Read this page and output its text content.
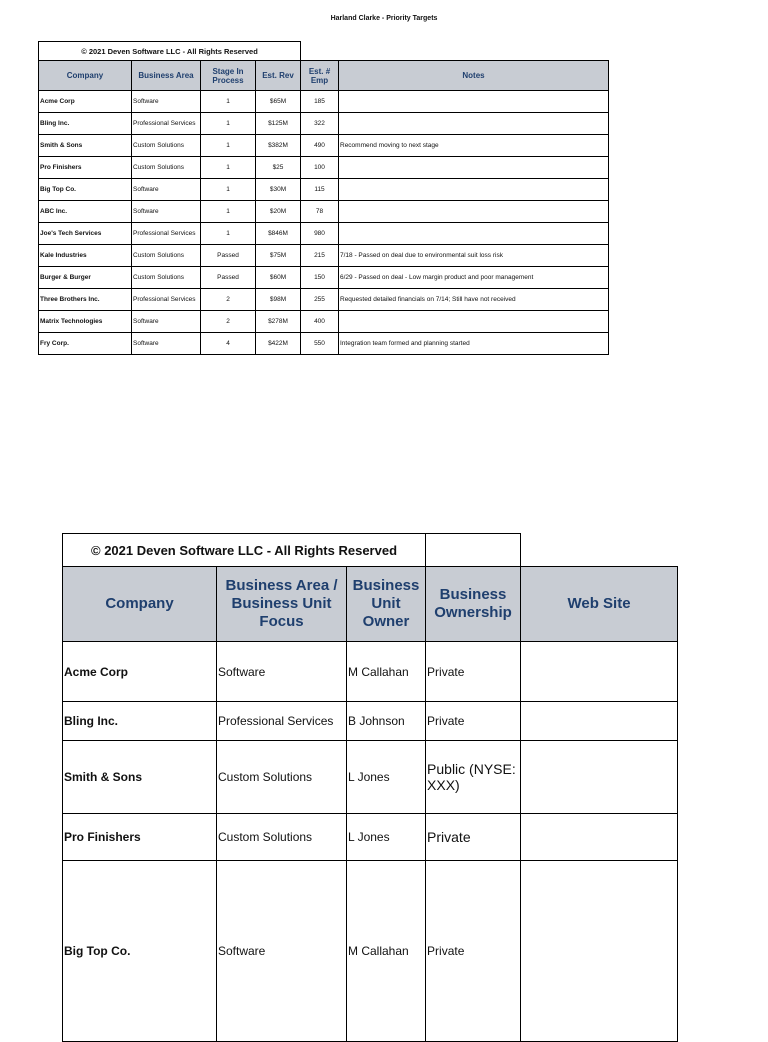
Harland Clarke - Priority Targets
© 2021 Deven Software LLC - All Rights Reserved					
Company	Business Area	Stage In Process	Est. Rev	Est. # Emp	Notes
Acme Corp	Software	1	$65M	185	
Bling Inc.	Professional Services	1	$125M	322	
Smith & Sons	Custom Solutions	1	$382M	490	Recommend moving to next stage
Pro Finishers	Custom Solutions	1	$25	100	
Big Top Co.	Software	1	$30M	115	
ABC Inc.	Software	1	$20M	78	
Joe's Tech Services	Professional Services	1	$846M	980	
Kale Industries	Custom Solutions	Passed	$75M	215	7/18 - Passed on deal due to environmental suit loss risk
Burger & Burger	Custom Solutions	Passed	$60M	150	6/29 - Passed on deal - Low margin product and poor management
Three Brothers Inc.	Professional Services	2	$98M	255	Requested detailed financials on 7/14; Still have not received
Matrix Technologies	Software	2	$278M	400	
Fry Corp.	Software	4	$422M	550	Integration team formed and planning started
© 2021 Deven Software LLC - All Rights Reserved				
Company	Business Area / Business Unit Focus	Business Unit Owner	Business Ownership	Web Site
Acme Corp	Software	M Callahan	Private	
Bling Inc.	Professional Services	B Johnson	Private	
Smith & Sons	Custom Solutions	L Jones	Public (NYSE: XXX)	
Pro Finishers	Custom Solutions	L Jones	Private	
Big Top Co.	Software	M Callahan	Private	
